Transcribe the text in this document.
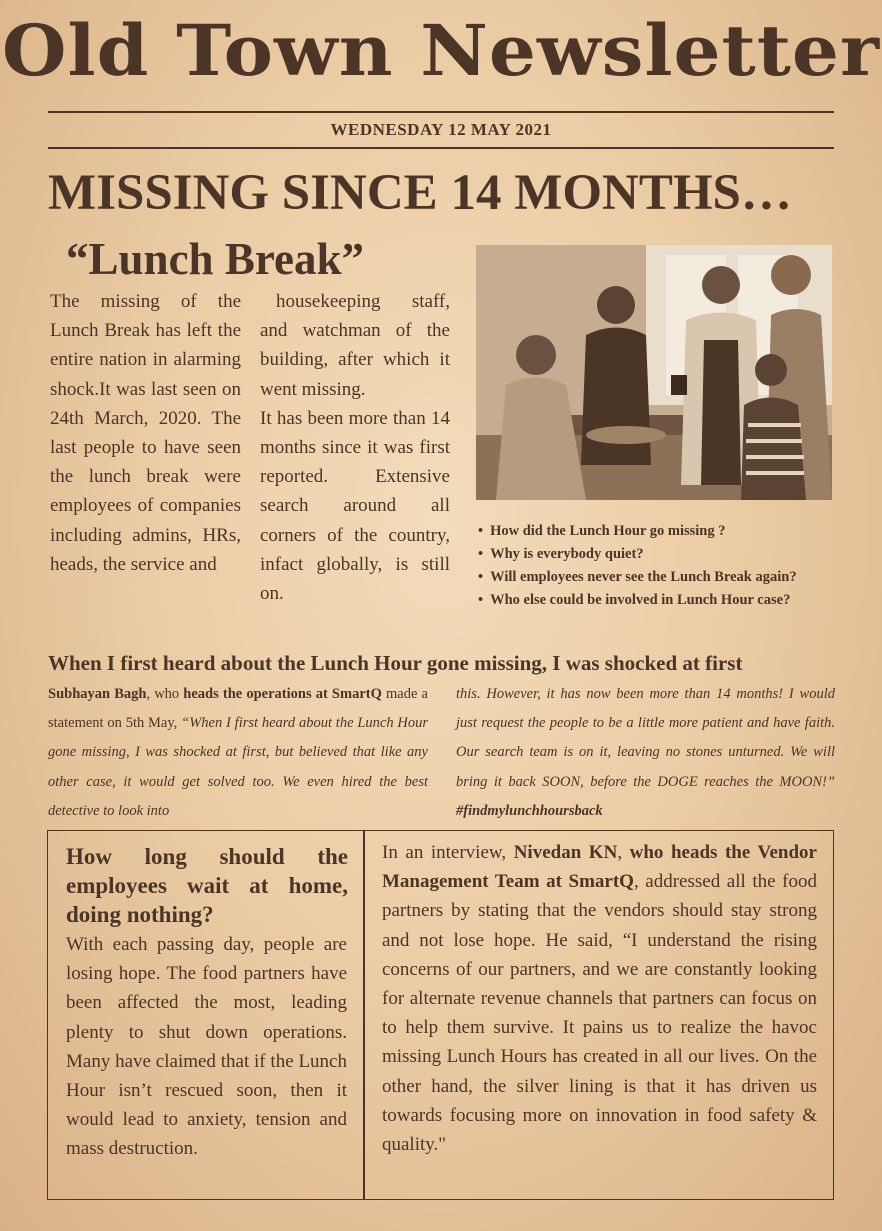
Old Town Newsletter
WEDNESDAY 12 MAY 2021
MISSING SINCE 14 MONTHS…
“Lunch Break”
The missing of the Lunch Break has left the entire nation in alarming shock.It was last seen on 24th March, 2020. The last people to have seen the lunch break were employees of companies including admins, HRs, heads, the service and
housekeeping staff, and watchman of the building, after which it went missing.
It has been more than 14 months since it was first reported. Extensive search around all corners of the country, infact globally, is still on.
• How did the Lunch Hour go missing ?
• Why is everybody quiet?
• Will employees never see the Lunch Break again?
• Who else could be involved in Lunch Hour case?
When I first heard about the Lunch Hour gone missing, I was shocked at first
Subhayan Bagh, who heads the operations at SmartQ made a statement on 5th May, “When I first heard about the Lunch Hour gone missing, I was shocked at first, but believed that like any other case, it would get solved too. We even hired the best detective to look into
this. However, it has now been more than 14 months! I would just request the people to be a little more patient and have faith. Our search team is on it, leaving no stones unturned. We will bring it back SOON, before the DOGE reaches the MOON!” #findmylunchhoursback
How long should the
employees wait at home,
doing nothing?
With each passing day, people are losing hope. The food partners have been affected the most, leading plenty to shut down operations. Many have claimed that if the Lunch Hour isn’t rescued soon, then it would lead to anxiety, tension and mass destruction.
In an interview, Nivedan KN, who heads the Vendor Management Team at SmartQ, addressed all the food partners by stating that the vendors should stay strong and not lose hope. He said, “I understand the rising concerns of our partners, and we are constantly looking for alternate revenue channels that partners can focus on to help them survive. It pains us to realize the havoc missing Lunch Hours has created in all our lives. On the other hand, the silver lining is that it has driven us towards focusing more on innovation in food safety & quality."
